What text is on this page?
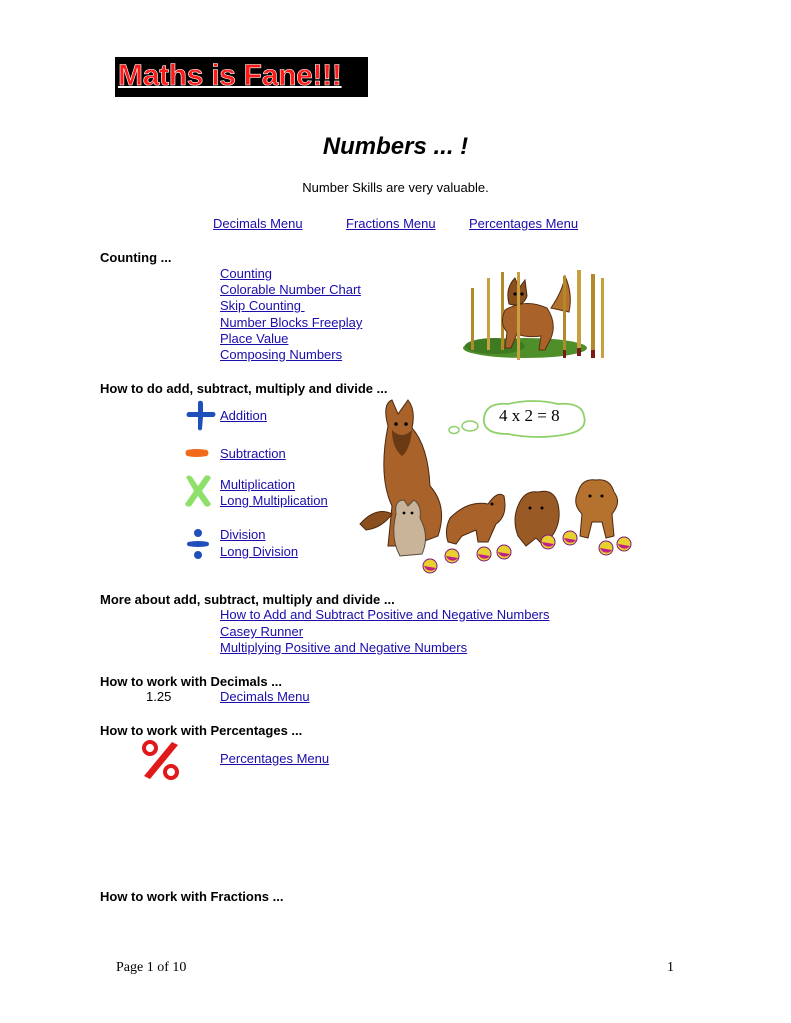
Maths is Fane!!!
Numbers ... !
Number Skills are very valuable.
Decimals Menu	Fractions Menu	Percentages Menu
Counting ...
Counting
Colorable Number Chart
Skip Counting
Number Blocks Freeplay
Place Value
Composing Numbers
How to do add, subtract, multiply and divide ...
Addition
Subtraction
Multiplication
Long Multiplication
Division
Long Division
4 x 2 = 8
More about add, subtract, multiply and divide ...
How to Add and Subtract Positive and Negative Numbers
Casey Runner
Multiplying Positive and Negative Numbers
How to work with Decimals ...
1.25	Decimals Menu
How to work with Percentages ...
Percentages Menu
How to work with Fractions ...
Page 1 of 10	1
